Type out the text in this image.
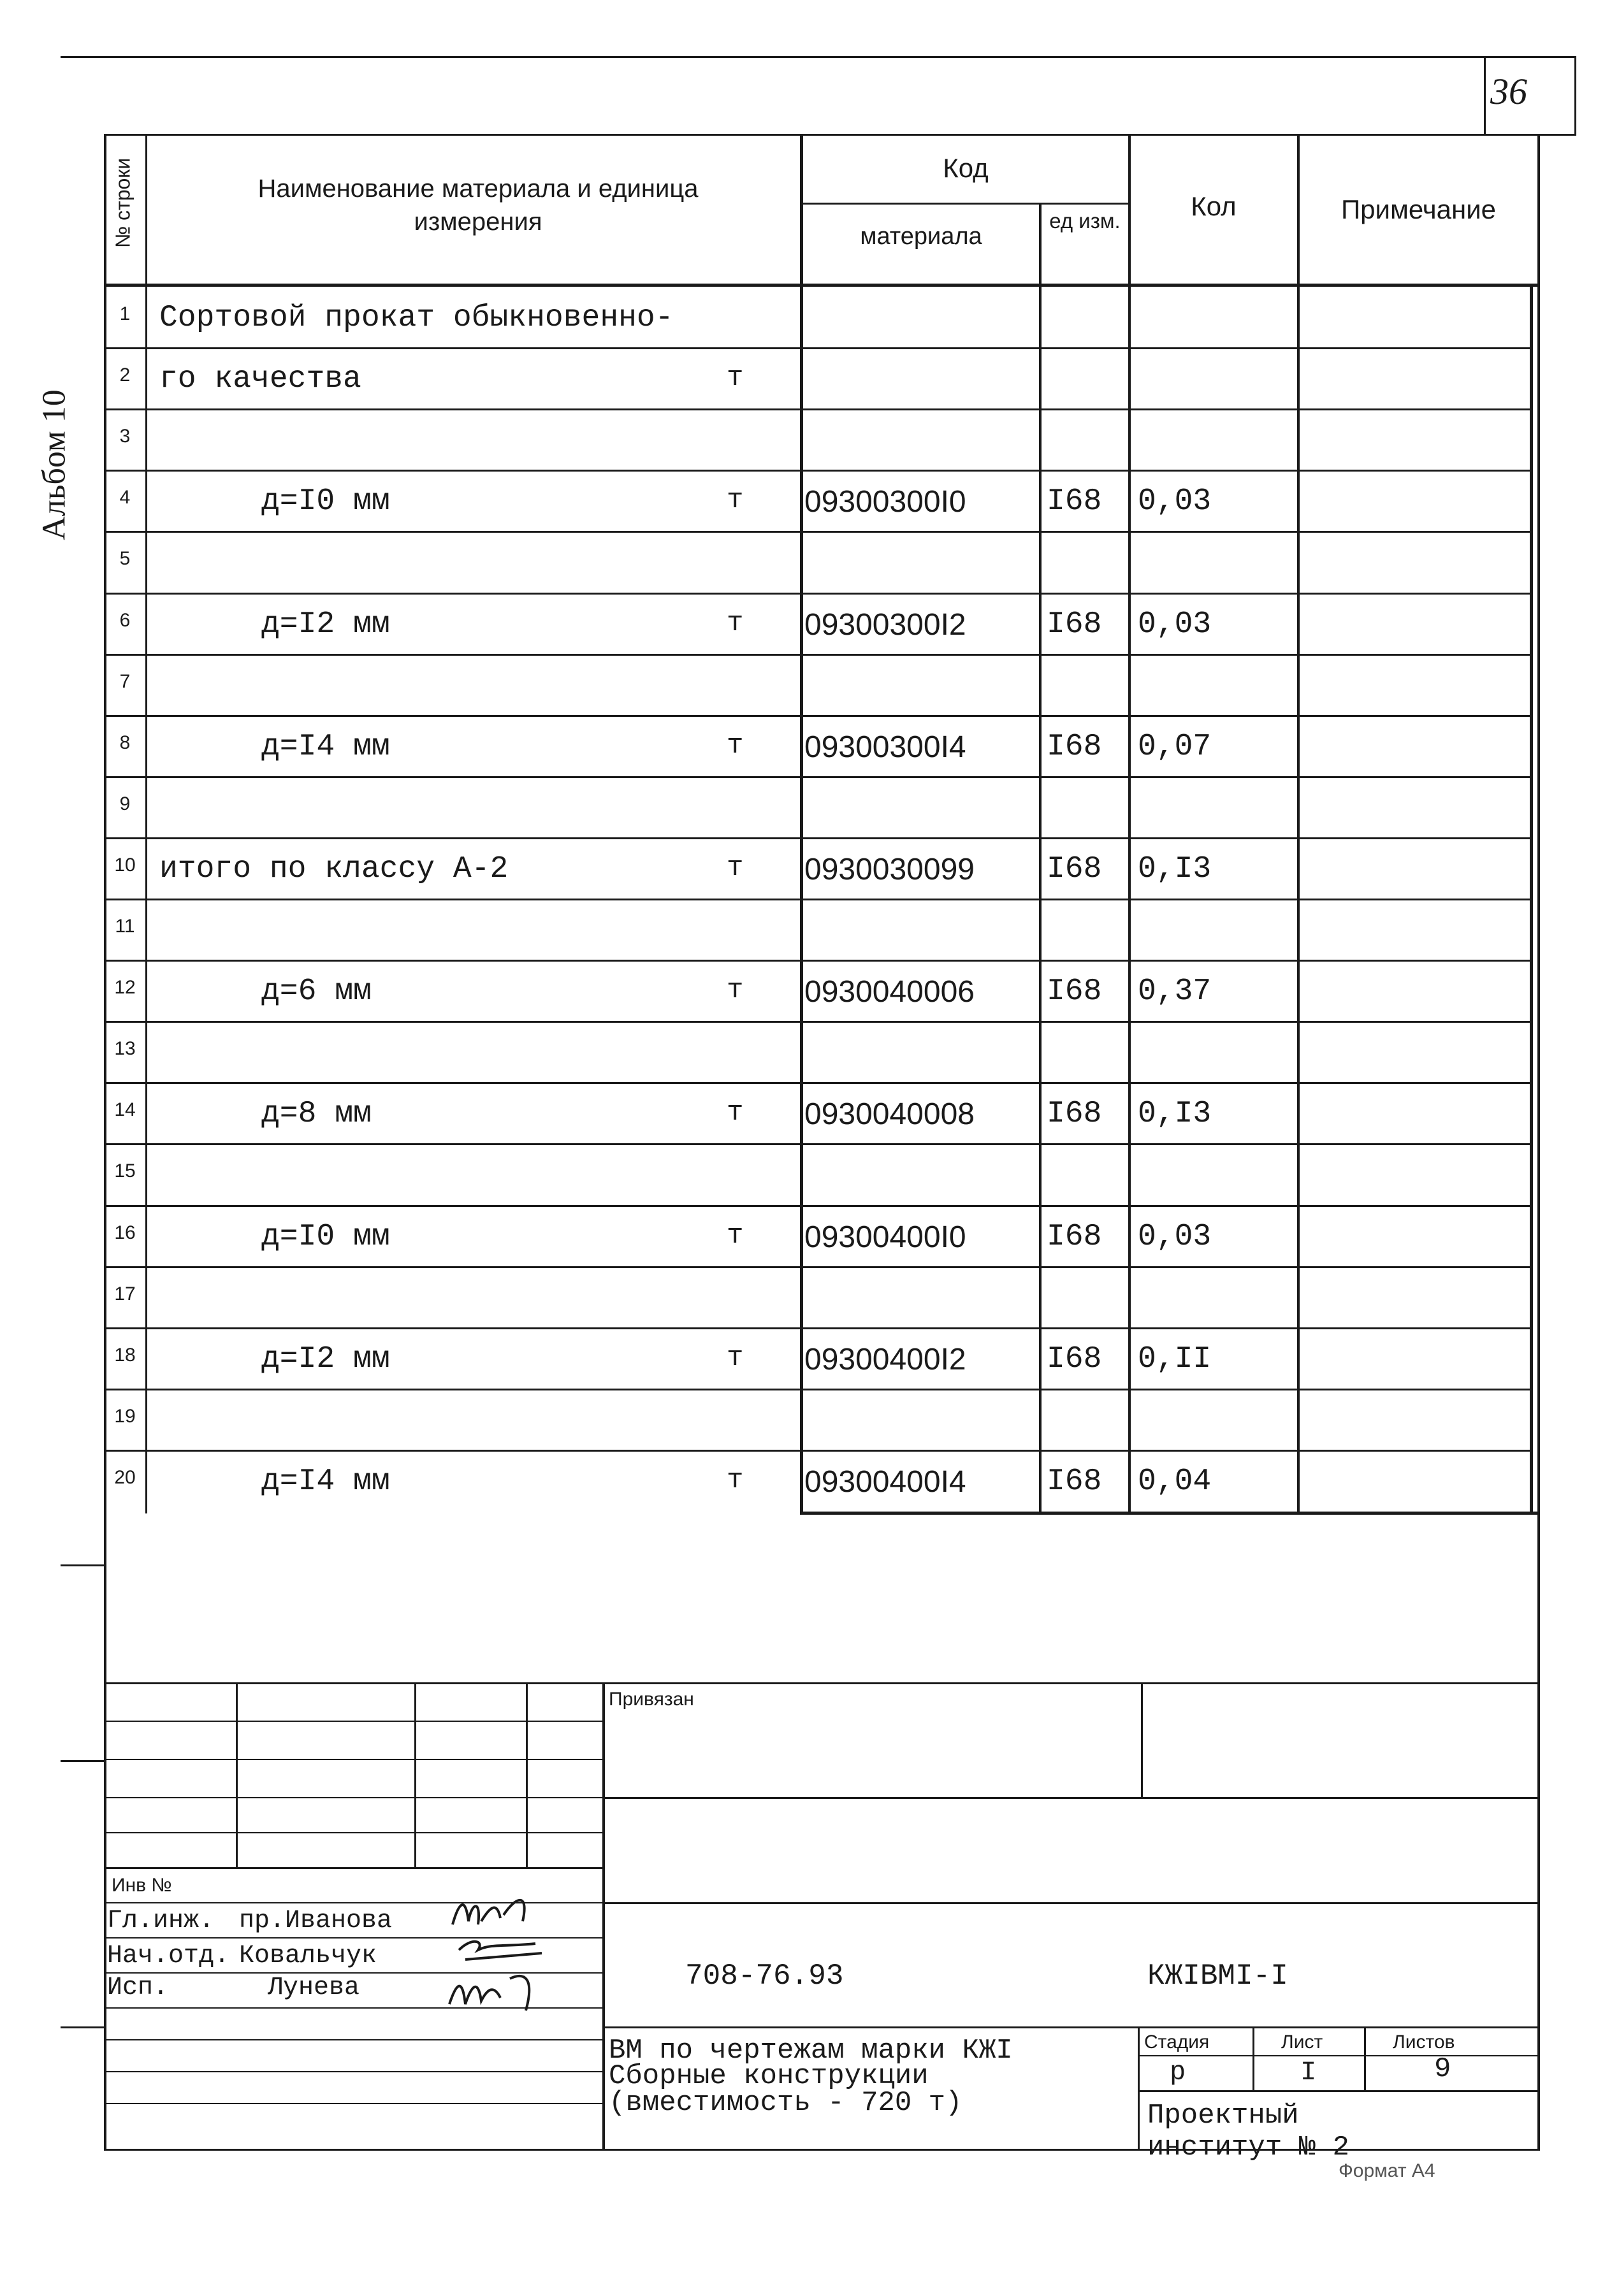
36
Альбом 10
№ строки	Наименование материала и единица измерения
Код
материала
ед изм.	Кол	Примечание
1 Сортовой прокат обыкновенно-
2 го качества	т
3
4	д=I0 мм	т 09300300I0	I68 0,03
5
6	д=I2 мм	т 09300300I2	I68 0,03
7
8	д=I4 мм	т 09300300I4	I68 0,07
9
10 итого по классу А-2	т 0930030099 I68 0,I3
11
12	д=6 мм	т 0930040006 I68 0,37
13
14	д=8 мм	т 0930040008 I68 0,I3
15
16	д=I0 мм	т 09300400I0	I68 0,03
17
18	д=I2 мм	т 09300400I2	I68 0,II
19
20	д=I4 мм	т 09300400I4	I68 0,04
Привязан
Инв №
Гл.инж. пр.Иванова
Нач.отд. Ковальчук
Исп.	Лунева	708-76.93	КЖIВМI-I
ВМ по чертежам марки КЖI
Сборные конструкции
(вместимость - 720 т)
Стадия	Лист	Листов
р	I	9
Проектный
институт № 2
Формат А4
